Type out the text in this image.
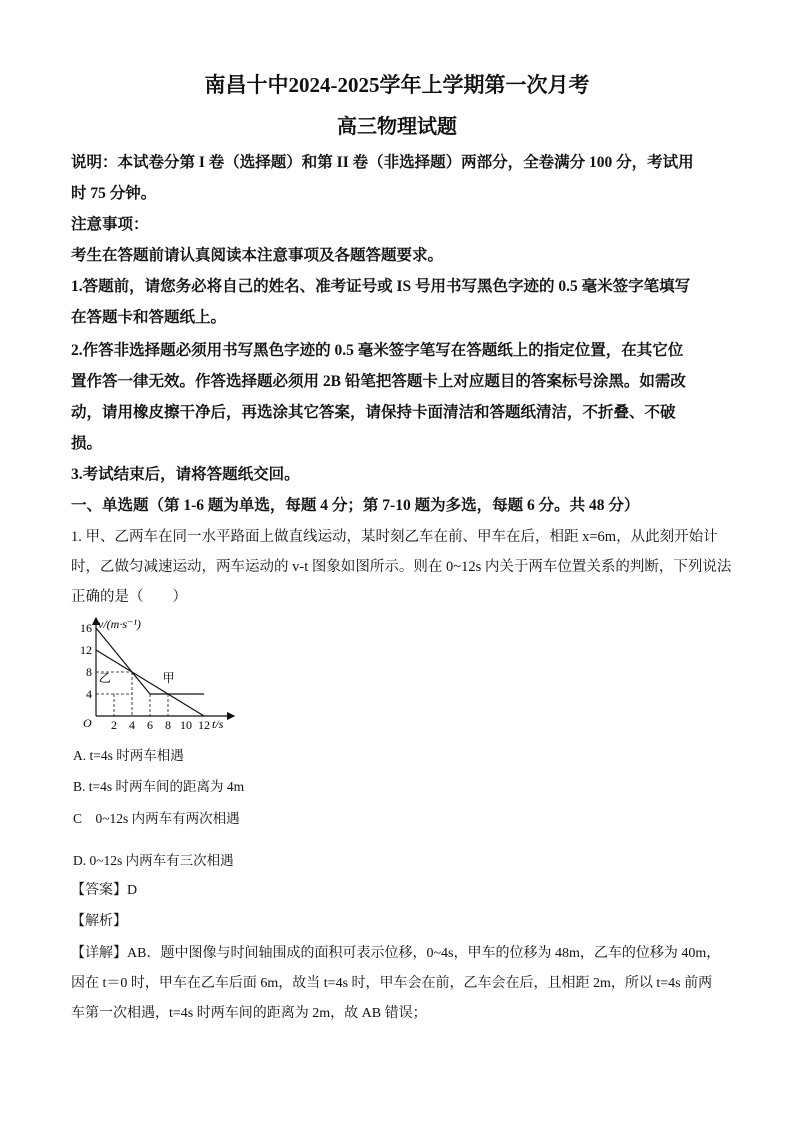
南昌十中2024-2025学年上学期第一次月考
高三物理试题
说明：本试卷分第 I 卷（选择题）和第 II 卷（非选择题）两部分，全卷满分 100 分，考试用
时 75 分钟。
注意事项：
考生在答题前请认真阅读本注意事项及各题答题要求。
1.答题前，请您务必将自己的姓名、准考证号或 IS 号用书写黑色字迹的 0.5 毫米签字笔填写
在答题卡和答题纸上。
2.作答非选择题必须用书写黑色字迹的 0.5 毫米签字笔写在答题纸上的指定位置，在其它位
置作答一律无效。作答选择题必须用 2B 铅笔把答题卡上对应题目的答案标号涂黑。如需改
动，请用橡皮擦干净后，再选涂其它答案，请保持卡面清洁和答题纸清洁，不折叠、不破
损。
3.考试结束后，请将答题纸交回。
一、单选题（第 1-6 题为单选，每题 4 分；第 7-10 题为多选，每题 6 分。共 48 分）
1. 甲、乙两车在同一水平路面上做直线运动，某时刻乙车在前、甲车在后，相距 x=6m，从此刻开始计
时，乙做匀减速运动，两车运动的 v-t 图象如图所示。则在 0~12s 内关于两车位置关系的判断，下列说法
正确的是（　　）
甲
乙
2 4 6 8 10 12
4
8
12
16 v/(m·s⁻¹)
t/s
O
A. t=4s 时两车相遇
B. t=4s 时两车间的距离为 4m
C　0~12s 内两车有两次相遇
D. 0~12s 内两车有三次相遇
【答案】D
【解析】
【详解】AB．题中图像与时间轴围成的面积可表示位移，0~4s，甲车的位移为 48m，乙车的位移为 40m，
因在 t＝0 时，甲车在乙车后面 6m，故当 t=4s 时，甲车会在前，乙车会在后，且相距 2m，所以 t=4s 前两
车第一次相遇，t=4s 时两车间的距离为 2m，故 AB 错误；
